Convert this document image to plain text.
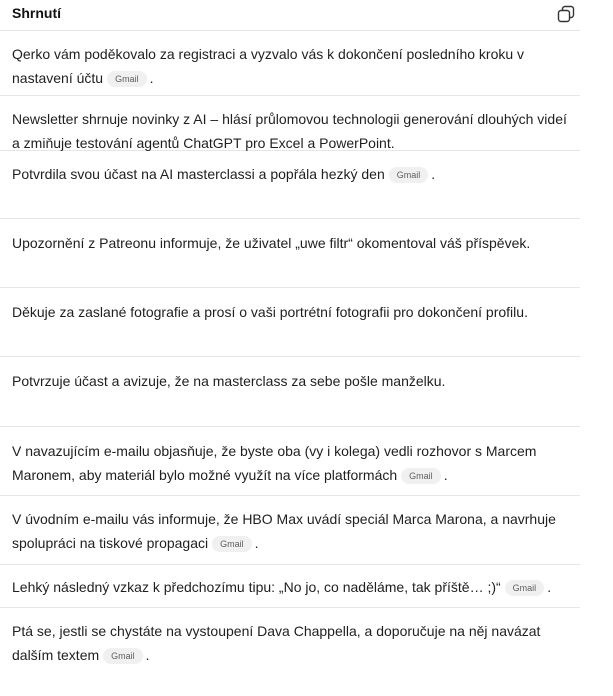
Shrnutí
Qerko vám poděkovalo za registraci a vyzvalo vás k dokončení posledního kroku v nastavení účtu Gmail .
Newsletter shrnuje novinky z AI – hlásí průlomovou technologii generování dlouhých videí a zmiňuje testování agentů ChatGPT pro Excel a PowerPoint.
Potvrdila svou účast na AI masterclassi a popřála hezký den Gmail .
Upozornění z Patreonu informuje, že uživatel „uwe filtr“ okomentoval váš příspěvek.
Děkuje za zaslané fotografie a prosí o vaši portrétní fotografii pro dokončení profilu.
Potvrzuje účast a avizuje, že na masterclass za sebe pošle manželku.
V navazujícím e-mailu objasňuje, že byste oba (vy i kolega) vedli rozhovor s Marcem Maronem, aby materiál bylo možné využít na více platformách Gmail .
V úvodním e-mailu vás informuje, že HBO Max uvádí speciál Marca Marona, a navrhuje spolupráci na tiskové propagaci Gmail .
Lehký následný vzkaz k předchozímu tipu: „No jo, co naděláme, tak příště… ;)“ Gmail .
Ptá se, jestli se chystáte na vystoupení Dava Chappella, a doporučuje na něj navázat dalším textem Gmail .
